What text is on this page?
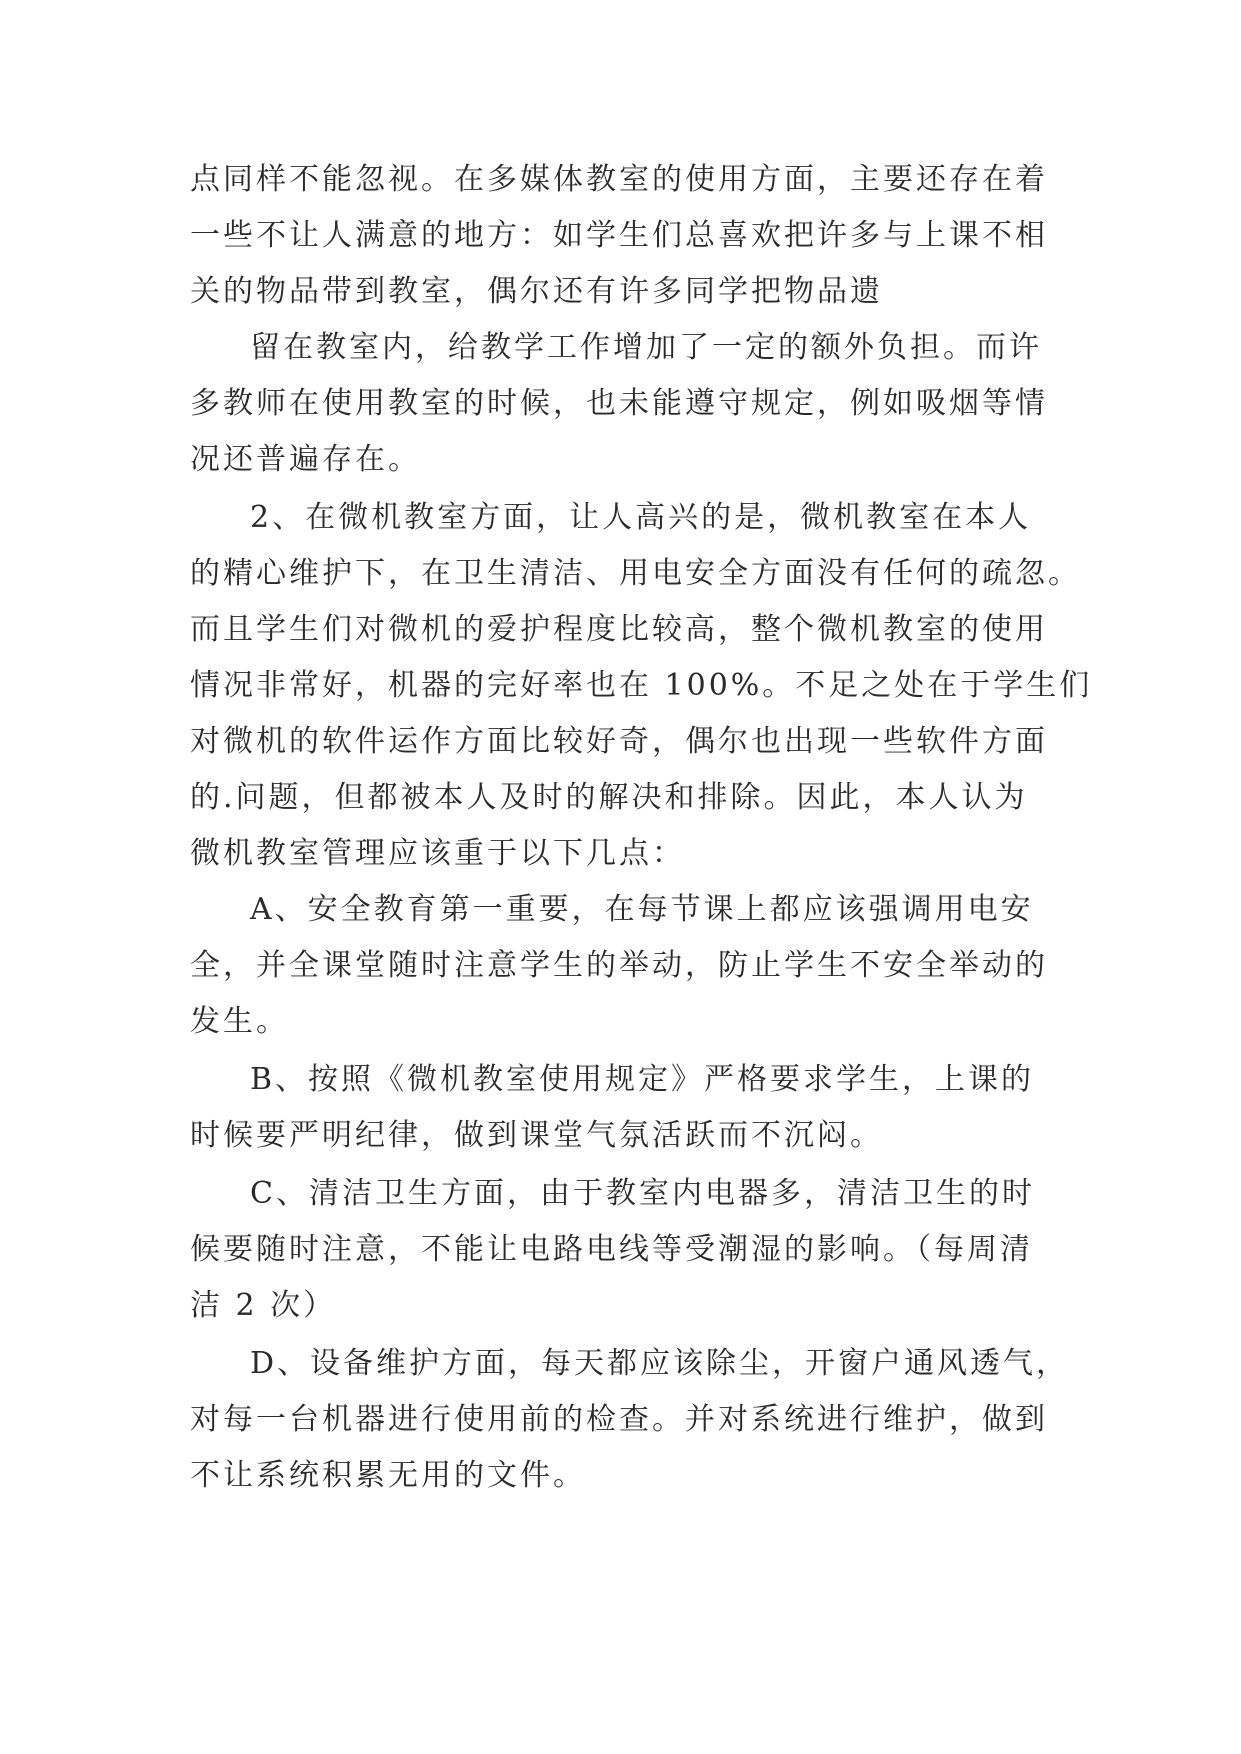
点同样不能忽视。在多媒体教室的使用方面，主要还存在着
一些不让人满意的地方：如学生们总喜欢把许多与上课不相
关的物品带到教室，偶尔还有许多同学把物品遗
留在教室内，给教学工作增加了一定的额外负担。而许
多教师在使用教室的时候，也未能遵守规定，例如吸烟等情
况还普遍存在。
2、在微机教室方面，让人高兴的是，微机教室在本人
的精心维护下，在卫生清洁、用电安全方面没有任何的疏忽。
而且学生们对微机的爱护程度比较高，整个微机教室的使用
情况非常好，机器的完好率也在 100%。不足之处在于学生们
对微机的软件运作方面比较好奇，偶尔也出现一些软件方面
的.问题，但都被本人及时的解决和排除。因此，本人认为
微机教室管理应该重于以下几点：
A、安全教育第一重要，在每节课上都应该强调用电安
全，并全课堂随时注意学生的举动，防止学生不安全举动的
发生。
B、按照《微机教室使用规定》严格要求学生，上课的
时候要严明纪律，做到课堂气氛活跃而不沉闷。
C、清洁卫生方面，由于教室内电器多，清洁卫生的时
候要随时注意，不能让电路电线等受潮湿的影响。（每周清
洁 2 次）
D、设备维护方面，每天都应该除尘，开窗户通风透气，
对每一台机器进行使用前的检查。并对系统进行维护，做到
不让系统积累无用的文件。
